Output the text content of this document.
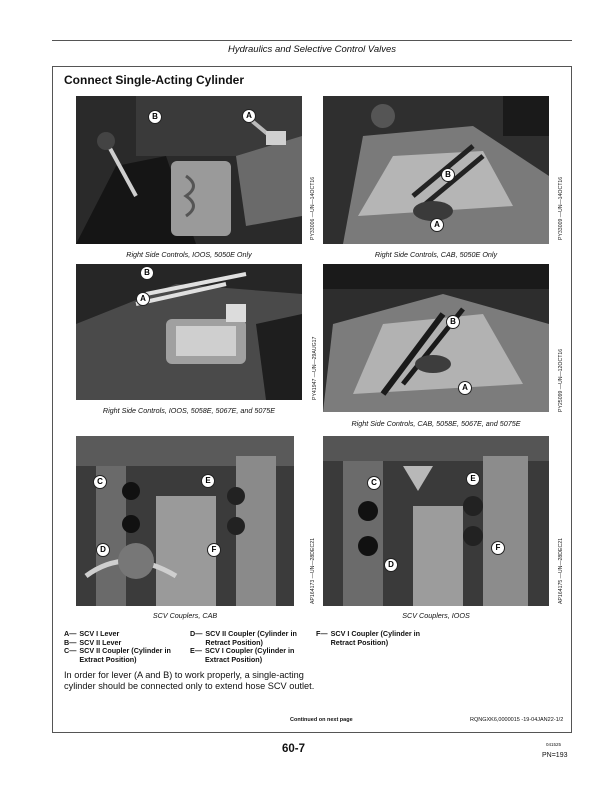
Hydraulics and Selective Control Valves
Connect Single-Acting Cylinder
B	A
Right Side Controls, IOOS, 5050E Only
PY33006 —UN—14OCT16
B
A
Right Side Controls, CAB, 5050E Only
PY33009 —UN—14OCT16
B
A
Right Side Controls, IOOS, 5058E, 5067E, and 5075E
PY41947 —UN—29AUG17
B
A
Right Side Controls, CAB, 5058E, 5067E, and 5075E
PY25099 —UN—12OCT16
C	E
D	F
SCV Couplers, CAB
AP164173 —UN—28DEC21
C	E
D
F
SCV Couplers, IOOS
AP164175 —UN—28DEC21
A— SCV I Lever
B— SCV II Lever
C— SCV II Coupler (Cylinder in Extract Position)
D— SCV II Coupler (Cylinder in Retract Position)
E— SCV I Coupler (Cylinder in Extract Position)
F— SCV I Coupler (Cylinder in Retract Position)
In order for lever (A and B) to work properly, a single-acting cylinder should be connected only to extend hose SCV outlet.
Continued on next page	RQNGXK6,0000015 -19-04JAN22-1/2
60-7	041525
PN=193
